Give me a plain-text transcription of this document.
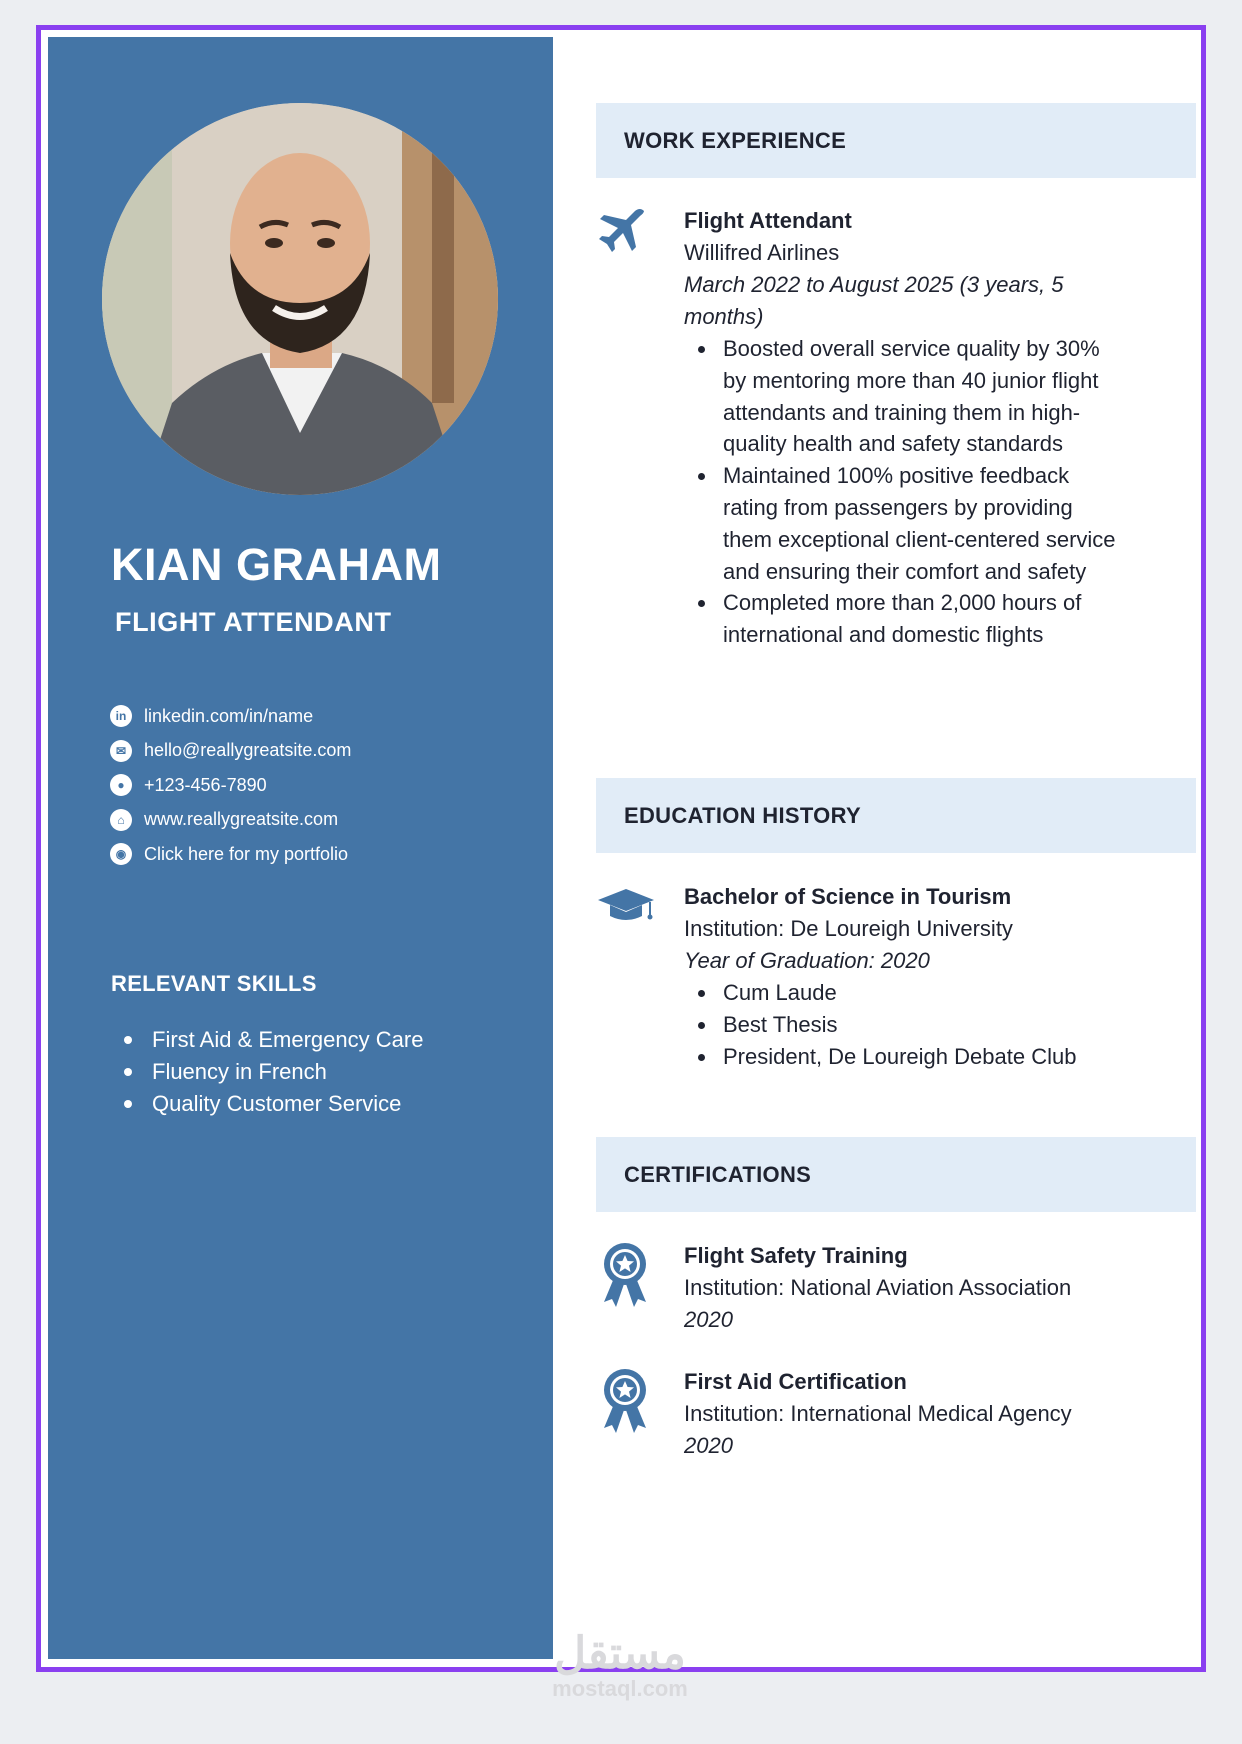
KIAN GRAHAM
FLIGHT ATTENDANT
in linkedin.com/in/name
✉ hello@reallygreatsite.com
●	+123-456-7890
⌂	www.reallygreatsite.com
◉ Click here for my portfolio
RELEVANT SKILLS
First Aid & Emergency Care
Fluency in French
Quality Customer Service
WORK EXPERIENCE
Flight Attendant
Willifred Airlines
March 2022 to August 2025 (3 years, 5 months)
Boosted overall service quality by 30% by mentoring more than 40 junior flight attendants and training them in high-quality health and safety standards
Maintained 100% positive feedback rating from passengers by providing them exceptional client-centered service and ensuring their comfort and safety
Completed more than 2,000 hours of international and domestic flights
EDUCATION HISTORY
Bachelor of Science in Tourism
Institution: De Loureigh University
Year of Graduation: 2020
Cum Laude
Best Thesis
President, De Loureigh Debate Club
CERTIFICATIONS
Flight Safety Training
Institution: National Aviation Association
2020
First Aid Certification
Institution: International Medical Agency
2020
مستقل
mostaql.com
